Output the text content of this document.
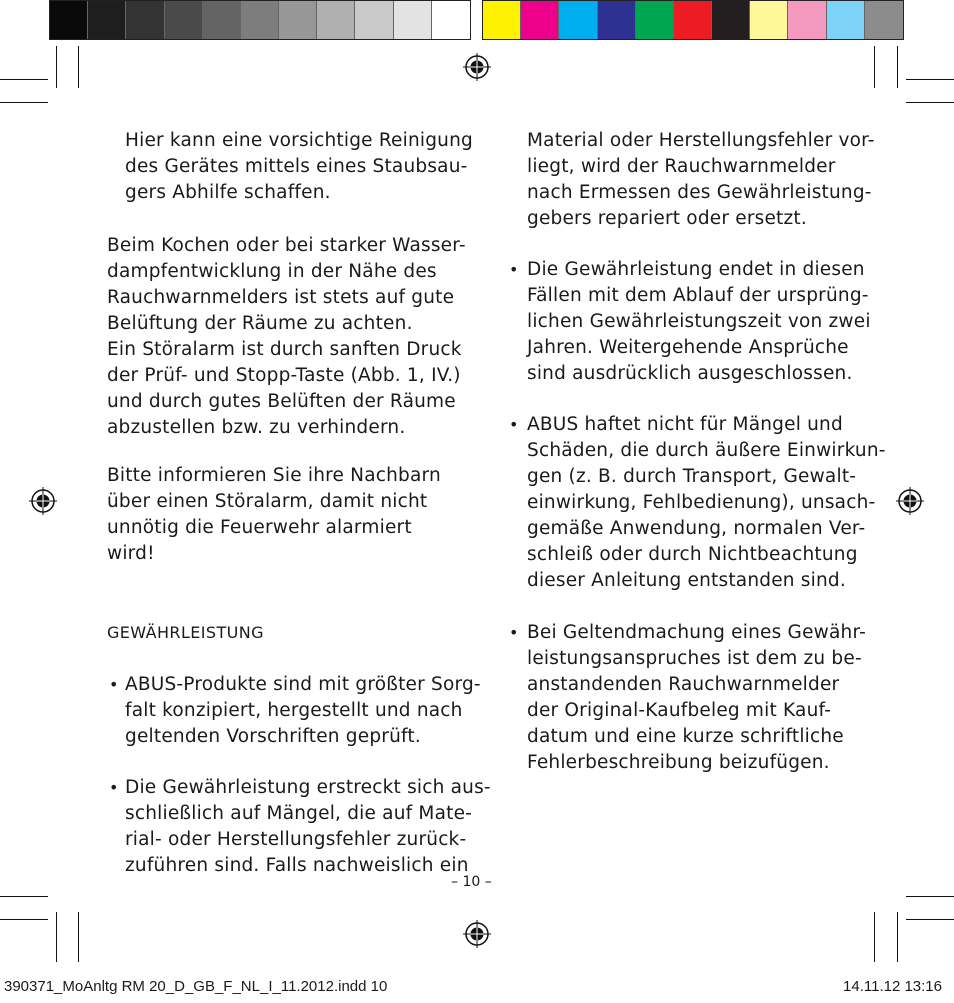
Hier kann eine vorsichtige Reinigung
des Gerätes mittels eines Staubsau-
gers Abhilfe schaffen.

Beim Kochen oder bei starker Wasser-
dampfentwicklung in der Nähe des
Rauchwarnmelders ist stets auf gute
Belüftung der Räume zu achten.
Ein Störalarm ist durch sanften Druck
der Prüf- und Stopp-Taste (Abb. 1, IV.)
und durch gutes Belüften der Räume
abzustellen bzw. zu verhindern.

Bitte informieren Sie ihre Nachbarn
über einen Störalarm, damit nicht
unnötig die Feuerwehr alarmiert
wird!

GEWÄHRLEISTUNG
• ABUS-Produkte sind mit größter Sorg-
falt konzipiert, hergestellt und nach
geltenden Vorschriften geprüft.

• Die Gewährleistung erstreckt sich aus-
schließlich auf Mängel, die auf Mate-
rial- oder Herstellungsfehler zurück-
zuführen sind. Falls nachweislich ein

Material oder Herstellungsfehler vor-
liegt, wird der Rauchwarnmelder
nach Ermessen des Gewährleistung-
gebers repariert oder ersetzt.

• Die Gewährleistung endet in diesen
Fällen mit dem Ablauf der ursprüng-
lichen Gewährleistungszeit von zwei
Jahren. Weitergehende Ansprüche
sind ausdrücklich ausgeschlossen.

• ABUS haftet nicht für Mängel und
Schäden, die durch äußere Einwirkun-
gen (z. B. durch Transport, Gewalt-
einwirkung, Fehlbedienung), unsach-
gemäße Anwendung, normalen Ver-
schleiß oder durch Nichtbeachtung
dieser Anleitung entstanden sind.

• Bei Geltendmachung eines Gewähr-
leistungsanspruches ist dem zu be-
anstandenden Rauchwarnmelder
der Original-Kaufbeleg mit Kauf-
datum und eine kurze schriftliche
Fehlerbeschreibung beizufügen.

– 10 –
390371_MoAnltg RM 20_D_GB_F_NL_I_11.2012.indd 10	14.11.12 13:16
